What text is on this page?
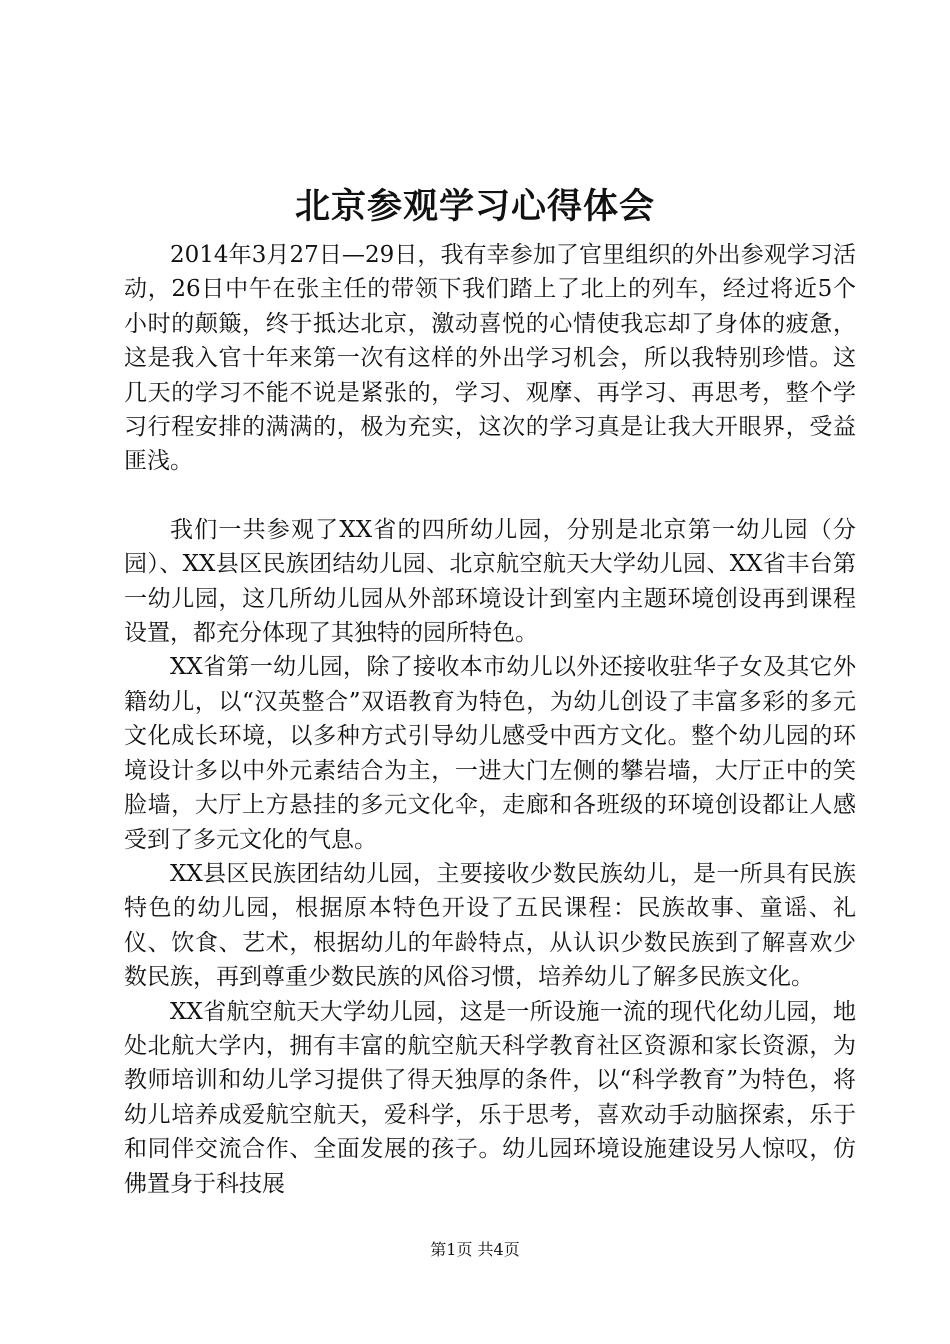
北京参观学习心得体会

2014年3月27日—29日，我有幸参加了官里组织的外出参观学习活动，26日中午在张主任的带领下我们踏上了北上的列车，经过将近5个小时的颠簸，终于抵达北京，激动喜悦的心情使我忘却了身体的疲惫，这是我入官十年来第一次有这样的外出学习机会，所以我特别珍惜。这几天的学习不能不说是紧张的，学习、观摩、再学习、再思考，整个学习行程安排的满满的，极为充实，这次的学习真是让我大开眼界，受益匪浅。

我们一共参观了XX省的四所幼儿园，分别是北京第一幼儿园（分园）、XX县区民族团结幼儿园、北京航空航天大学幼儿园、XX省丰台第一幼儿园，这几所幼儿园从外部环境设计到室内主题环境创设再到课程设置，都充分体现了其独特的园所特色。

XX省第一幼儿园，除了接收本市幼儿以外还接收驻华子女及其它外籍幼儿，以“汉英整合”双语教育为特色，为幼儿创设了丰富多彩的多元文化成长环境，以多种方式引导幼儿感受中西方文化。整个幼儿园的环境设计多以中外元素结合为主，一进大门左侧的攀岩墙，大厅正中的笑脸墙，大厅上方悬挂的多元文化伞，走廊和各班级的环境创设都让人感受到了多元文化的气息。

XX县区民族团结幼儿园，主要接收少数民族幼儿，是一所具有民族特色的幼儿园，根据原本特色开设了五民课程：民族故事、童谣、礼仪、饮食、艺术，根据幼儿的年龄特点，从认识少数民族到了解喜欢少数民族，再到尊重少数民族的风俗习惯，培养幼儿了解多民族文化。

XX省航空航天大学幼儿园，这是一所设施一流的现代化幼儿园，地处北航大学内，拥有丰富的航空航天科学教育社区资源和家长资源，为教师培训和幼儿学习提供了得天独厚的条件，以“科学教育”为特色，将幼儿培养成爱航空航天，爱科学，乐于思考，喜欢动手动脑探索，乐于和同伴交流合作、全面发展的孩子。幼儿园环境设施建设另人惊叹，仿佛置身于科技展

第1页 共4页
